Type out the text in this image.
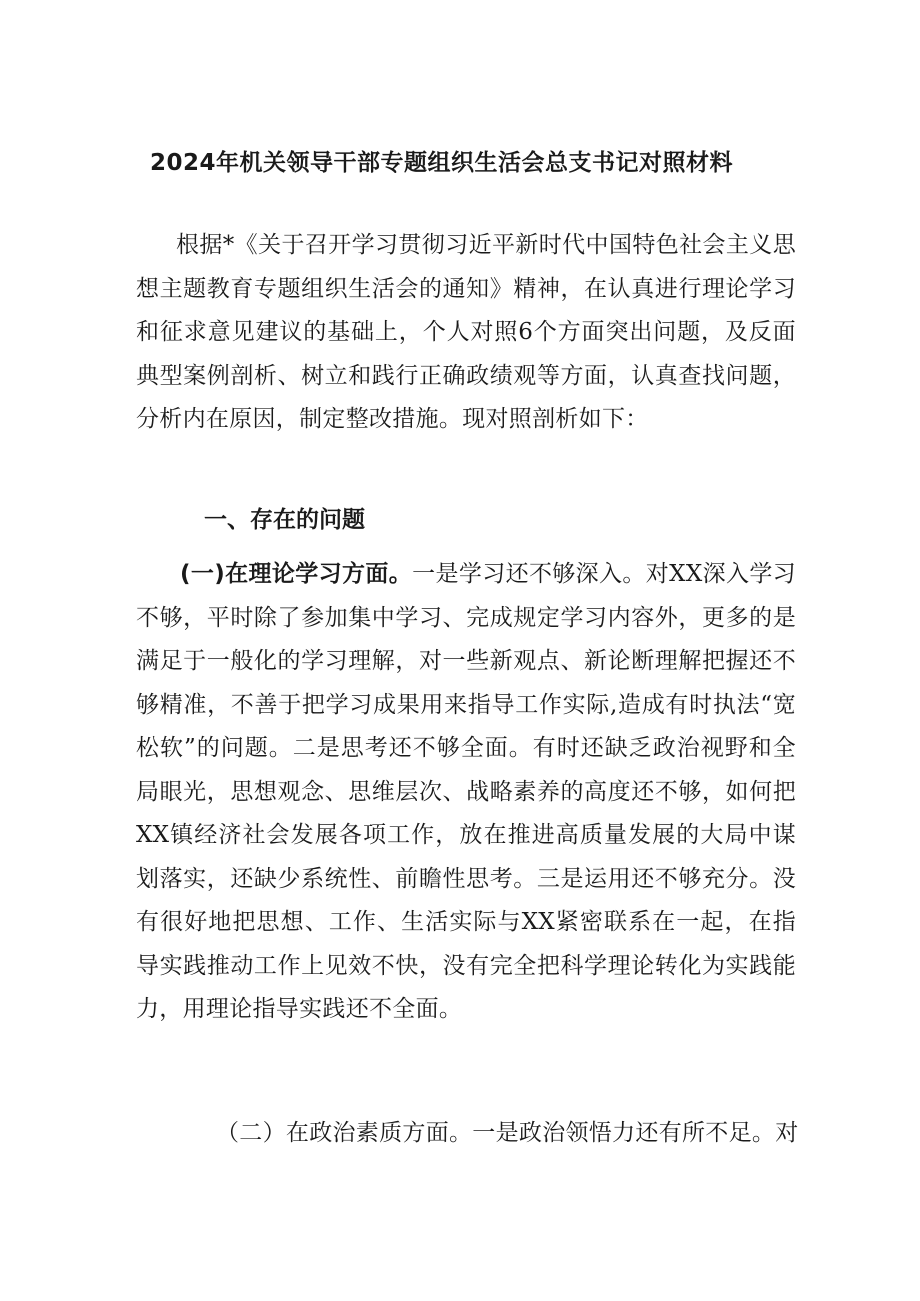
2024年机关领导干部专题组织生活会总支书记对照材料
根据*《关于召开学习贯彻习近平新时代中国特色社会主义思想主题教育专题组织生活会的通知》精神，在认真进行理论学习和征求意见建议的基础上，个人对照6个方面突出问题，及反面典型案例剖析、树立和践行正确政绩观等方面，认真查找问题，分析内在原因，制定整改措施。现对照剖析如下：
一、存在的问题
(一)在理论学习方面。一是学习还不够深入。对XX深入学习不够，平时除了参加集中学习、完成规定学习内容外，更多的是满足于一般化的学习理解，对一些新观点、新论断理解把握还不够精准，不善于把学习成果用来指导工作实际,造成有时执法“宽松软”的问题。二是思考还不够全面。有时还缺乏政治视野和全局眼光，思想观念、思维层次、战略素养的高度还不够，如何把XX镇经济社会发展各项工作，放在推进高质量发展的大局中谋划落实，还缺少系统性、前瞻性思考。三是运用还不够充分。没有很好地把思想、工作、生活实际与XX紧密联系在一起，在指导实践推动工作上见效不快，没有完全把科学理论转化为实践能力，用理论指导实践还不全面。
（二）在政治素质方面。一是政治领悟力还有所不足。对
